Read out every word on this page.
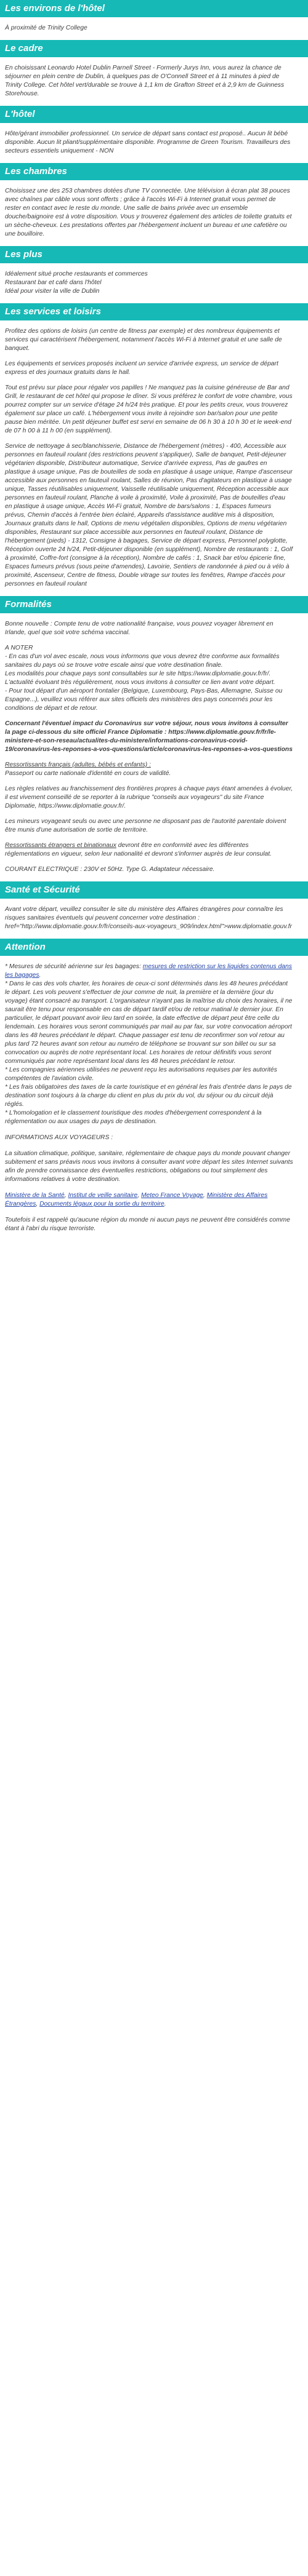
Les environs de l'hôtel

À proximité de Trinity College

Le cadre

En choisissant Leonardo Hotel Dublin Parnell Street - Formerly Jurys Inn, vous aurez la chance de séjourner en plein centre de Dublin, à quelques pas de O'Connell Street et à 11 minutes à pied de Trinity College. Cet hôtel vert/durable se trouve à 1,1 km de Grafton Street et à 2,9 km de Guinness Storehouse.

L'hôtel

Hôte/gérant immobilier professionnel. Un service de départ sans contact est proposé.. Aucun lit bébé disponible. Aucun lit pliant/supplémentaire disponible. Programme de Green Tourism. Travailleurs des secteurs essentiels uniquement - NON

Les chambres

Choisissez une des 253 chambres dotées d'une TV connectée. Une télévision à écran plat 38 pouces avec chaînes par câble vous sont offerts ; grâce à l'accès Wi-Fi à Internet gratuit vous permet de rester en contact avec le reste du monde. Une salle de bains privée avec un ensemble douche/baignoire est à votre disposition. Vous y trouverez également des articles de toilette gratuits et un sèche-cheveux. Les prestations offertes par l'hébergement incluent un bureau et une cafetière ou une bouilloire.

Les plus

Idéalement situé proche restaurants et commerces

Restaurant bar et café dans l'hôtel

Idéal pour visiter la ville de Dublin

Les services et loisirs

Profitez des options de loisirs (un centre de fitness par exemple) et des nombreux équipements et services qui caractérisent l'hébergement, notamment l'accès Wi-Fi à Internet gratuit et une salle de banquet.

Les équipements et services proposés incluent un service d'arrivée express, un service de départ express et des journaux gratuits dans le hall.

Tout est prévu sur place pour régaler vos papilles ! Ne manquez pas la cuisine généreuse de Bar and Grill, le restaurant de cet hôtel qui propose le dîner. Si vous préférez le confort de votre chambre, vous pourrez compter sur un service d'étage 24 h/24 très pratique. Et pour les petits creux, vous trouverez également sur place un café. L'hébergement vous invite à rejoindre son bar/salon pour une petite pause bien méritée. Un petit déjeuner buffet est servi en semaine de 06 h 30 à 10 h 30 et le week-end de 07 h 00 à 11 h 00 (en supplément).

Service de nettoyage à sec/blanchisserie, Distance de l'hébergement (mètres) - 400, Accessible aux personnes en fauteuil roulant (des restrictions peuvent s'appliquer), Salle de banquet, Petit-déjeuner végétarien disponible, Distributeur automatique, Service d'arrivée express, Pas de gaufres en plastique à usage unique, Pas de bouteilles de soda en plastique à usage unique, Rampe d'ascenseur accessible aux personnes en fauteuil roulant, Salles de réunion, Pas d'agitateurs en plastique à usage unique, Tasses réutilisables uniquement, Vaisselle réutilisable uniquement, Réception accessible aux personnes en fauteuil roulant, Planche à voile à proximité, Voile à proximité, Pas de bouteilles d'eau en plastique à usage unique, Accès Wi-Fi gratuit, Nombre de bars/salons : 1, Espaces fumeurs prévus, Chemin d'accès à l'entrée bien éclairé, Appareils d'assistance auditive mis à disposition, Journaux gratuits dans le hall, Options de menu végétalien disponibles, Options de menu végétarien disponibles, Restaurant sur place accessible aux personnes en fauteuil roulant, Distance de l'hébergement (pieds) - 1312, Consigne à bagages, Service de départ express, Personnel polyglotte, Réception ouverte 24 h/24, Petit-déjeuner disponible (en supplément), Nombre de restaurants : 1, Golf à proximité, Coffre-fort (consigne à la réception), Nombre de cafés : 1, Snack bar et/ou épicerie fine, Espaces fumeurs prévus (sous peine d'amendes), Lavoirie, Sentiers de randonnée à pied ou à vélo à proximité, Ascenseur, Centre de fitness, Double vitrage sur toutes les fenêtres, Rampe d'accès pour personnes en fauteuil roulant

Formalités

Bonne nouvelle : Compte tenu de votre nationalité française, vous pouvez voyager librement en Irlande, quel que soit votre schéma vaccinal.

A NOTER

- En cas d'un vol avec escale, nous vous informons que vous devrez être conforme aux formalités sanitaires du pays où se trouve votre escale ainsi que votre destination finale.

Les modalités pour chaque pays sont consultables sur le site https://www.diplomatie.gouv.fr/fr/. L'actualité évoluant très régulièrement, nous vous invitons à consulter ce lien avant votre départ.

- Pour tout départ d'un aéroport frontalier (Belgique, Luxembourg, Pays-Bas, Allemagne, Suisse ou Espagne...), veuillez vous référer aux sites officiels des ministères des pays concernés pour les conditions de départ et de retour.

Concernant l'éventuel impact du Coronavirus sur votre séjour, nous vous invitons à consulter la page ci-dessous du site officiel France Diplomatie : https://www.diplomatie.gouv.fr/fr/le-ministere-et-son-reseau/actualites-du-ministere/informations-coronavirus-covid-19/coronavirus-les-reponses-a-vos-questions/article/coronavirus-les-reponses-a-vos-questions

Ressortissants français (adultes, bébés et enfants) :

Passeport ou carte nationale d'identité en cours de validité.

Les règles relatives au franchissement des frontières propres à chaque pays étant amenées à évoluer, il est vivement conseillé de se reporter à la rubrique "conseils aux voyageurs" du site France Diplomatie, https://www.diplomatie.gouv.fr/.

Les mineurs voyageant seuls ou avec une personne ne disposant pas de l'autorité parentale doivent être munis d'une autorisation de sortie de territoire.

Ressortissants étrangers et binationaux devront être en conformité avec les différentes réglementations en vigueur, selon leur nationalité et devront s'informer auprès de leur consulat.

COURANT ELECTRIQUE : 230V et 50Hz. Type G. Adaptateur nécessaire.

Santé et Sécurité

Avant votre départ, veuillez consulter le site du ministère des Affaires étrangères pour connaître les risques sanitaires éventuels qui peuvent concerner votre destination : href="http://www.diplomatie.gouv.fr/fr/conseils-aux-voyageurs_909/index.html">www.diplomatie.gouv.fr

Attention

* Mesures de sécurité aérienne sur les bagages: mesures de restriction sur les liquides contenus dans les bagages.

* Dans le cas des vols charter, les horaires de ceux-ci sont déterminés dans les 48 heures précédant le départ. Les vols peuvent s'effectuer de jour comme de nuit, la première et la dernière (jour du voyage) étant consacré au transport. L'organisateur n'ayant pas la maîtrise du choix des horaires, il ne saurait être tenu pour responsable en cas de départ tardif et/ou de retour matinal le dernier jour. En particulier, le départ pouvant avoir lieu tard en soirée, la date effective de départ peut être celle du lendemain. Les horaires vous seront communiqués par mail au par fax, sur votre convocation aéroport dans les 48 heures précédant le départ. Chaque passager est tenu de reconfirmer son vol retour au plus tard 72 heures avant son retour au numéro de téléphone se trouvant sur son billet ou sur sa convocation ou auprès de notre représentant local. Les horaires de retour définitifs vous seront communiqués par notre représentant local dans les 48 heures précédant le retour.

* Les compagnies aériennes utilisées ne peuvent reçu les autorisations requises par les autorités compétentes de l'aviation civile.

* Les frais obligatoires des taxes de la carte touristique et en général les frais d'entrée dans le pays de destination sont toujours à la charge du client en plus du prix du vol, du séjour ou du circuit déjà réglés.

* L'homologation et le classement touristique des modes d'hébergement correspondent à la réglementation ou aux usages du pays de destination.

INFORMATIONS AUX VOYAGEURS :

La situation climatique, politique, sanitaire, réglementaire de chaque pays du monde pouvant changer subitement et sans préavis nous vous invitons à consulter avant votre départ les sites Internet suivants afin de prendre connaissance des éventuelles restrictions, obligations ou tout simplement des informations relatives à votre destination.

Ministère de la Santé, Institut de veille sanitaire, Meteo France Voyage, Ministère des Affaires Étrangères, Documents légaux pour la sortie du territoire.

Toutefois il est rappelé qu'aucune région du monde ni aucun pays ne peuvent être considérés comme étant à l'abri du risque terroriste.
